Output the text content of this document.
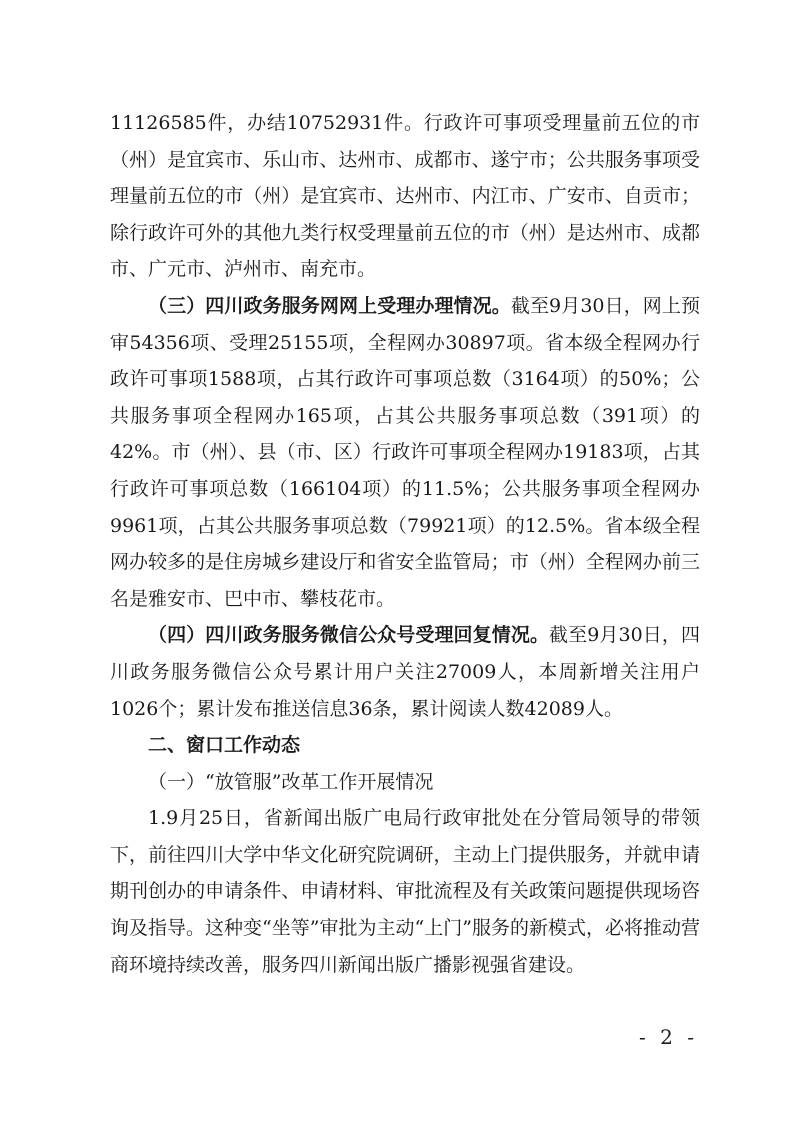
11126585件，办结10752931件。行政许可事项受理量前五位的市（州）是宜宾市、乐山市、达州市、成都市、遂宁市；公共服务事项受理量前五位的市（州）是宜宾市、达州市、内江市、广安市、自贡市；除行政许可外的其他九类行权受理量前五位的市（州）是达州市、成都市、广元市、泸州市、南充市。

（三）四川政务服务网网上受理办理情况。截至9月30日，网上预审54356项、受理25155项，全程网办30897项。省本级全程网办行政许可事项1588项，占其行政许可事项总数（3164项）的50%；公共服务事项全程网办165项，占其公共服务事项总数（391项）的42%。市（州）、县（市、区）行政许可事项全程网办19183项，占其行政许可事项总数（166104项）的11.5%；公共服务事项全程网办9961项，占其公共服务事项总数（79921项）的12.5%。省本级全程网办较多的是住房城乡建设厅和省安全监管局；市（州）全程网办前三名是雅安市、巴中市、攀枝花市。

（四）四川政务服务微信公众号受理回复情况。截至9月30日，四川政务服务微信公众号累计用户关注27009人，本周新增关注用户1026个；累计发布推送信息36条，累计阅读人数42089人。

二、窗口工作动态

（一）“放管服”改革工作开展情况

1.9月25日，省新闻出版广电局行政审批处在分管局领导的带领下，前往四川大学中华文化研究院调研，主动上门提供服务，并就申请期刊创办的申请条件、申请材料、审批流程及有关政策问题提供现场咨询及指导。这种变“坐等”审批为主动“上门”服务的新模式，必将推动营商环境持续改善，服务四川新闻出版广播影视强省建设。

- 2 -
